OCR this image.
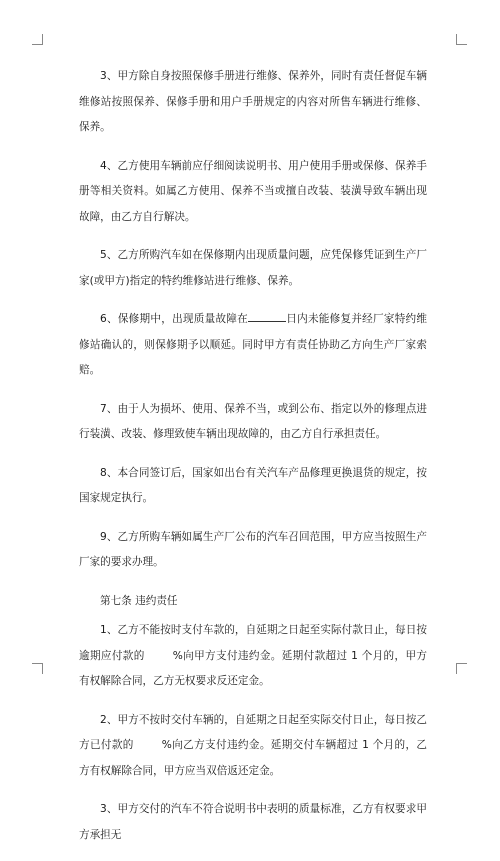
3、甲方除自身按照保修手册进行维修、保养外，同时有责任督促车辆维修站按照保养、保修手册和用户手册规定的内容对所售车辆进行维修、保养。

4、乙方使用车辆前应仔细阅读说明书、用户使用手册或保修、保养手册等相关资料。如属乙方使用、保养不当或擅自改装、装潢导致车辆出现故障，由乙方自行解决。

5、乙方所购汽车如在保修期内出现质量问题，应凭保修凭证到生产厂家(或甲方)指定的特约维修站进行维修、保养。

6、保修期中，出现质量故障在	日内未能修复并经厂家特约维修站确认的，则保修期予以顺延。同时甲方有责任协助乙方向生产厂家索赔。

7、由于人为损坏、使用、保养不当，或到公布、指定以外的修理点进行装潢、改装、修理致使车辆出现故障的，由乙方自行承担责任。

8、本合同签订后，国家如出台有关汽车产品修理更换退货的规定，按国家规定执行。

9、乙方所购车辆如属生产厂公布的汽车召回范围，甲方应当按照生产厂家的要求办理。

第七条 违约责任

1、乙方不能按时支付车款的，自延期之日起至实际付款日止，每日按逾期应付款的	%向甲方支付违约金。延期付款超过 1 个月的，甲方有权解除合同，乙方无权要求反还定金。

2、甲方不按时交付车辆的，自延期之日起至实际交付日止，每日按乙方已付款的	%向乙方支付违约金。延期交付车辆超过 1 个月的，乙方有权解除合同，甲方应当双倍返还定金。

3、甲方交付的汽车不符合说明书中表明的质量标准，乙方有权要求甲方承担无
